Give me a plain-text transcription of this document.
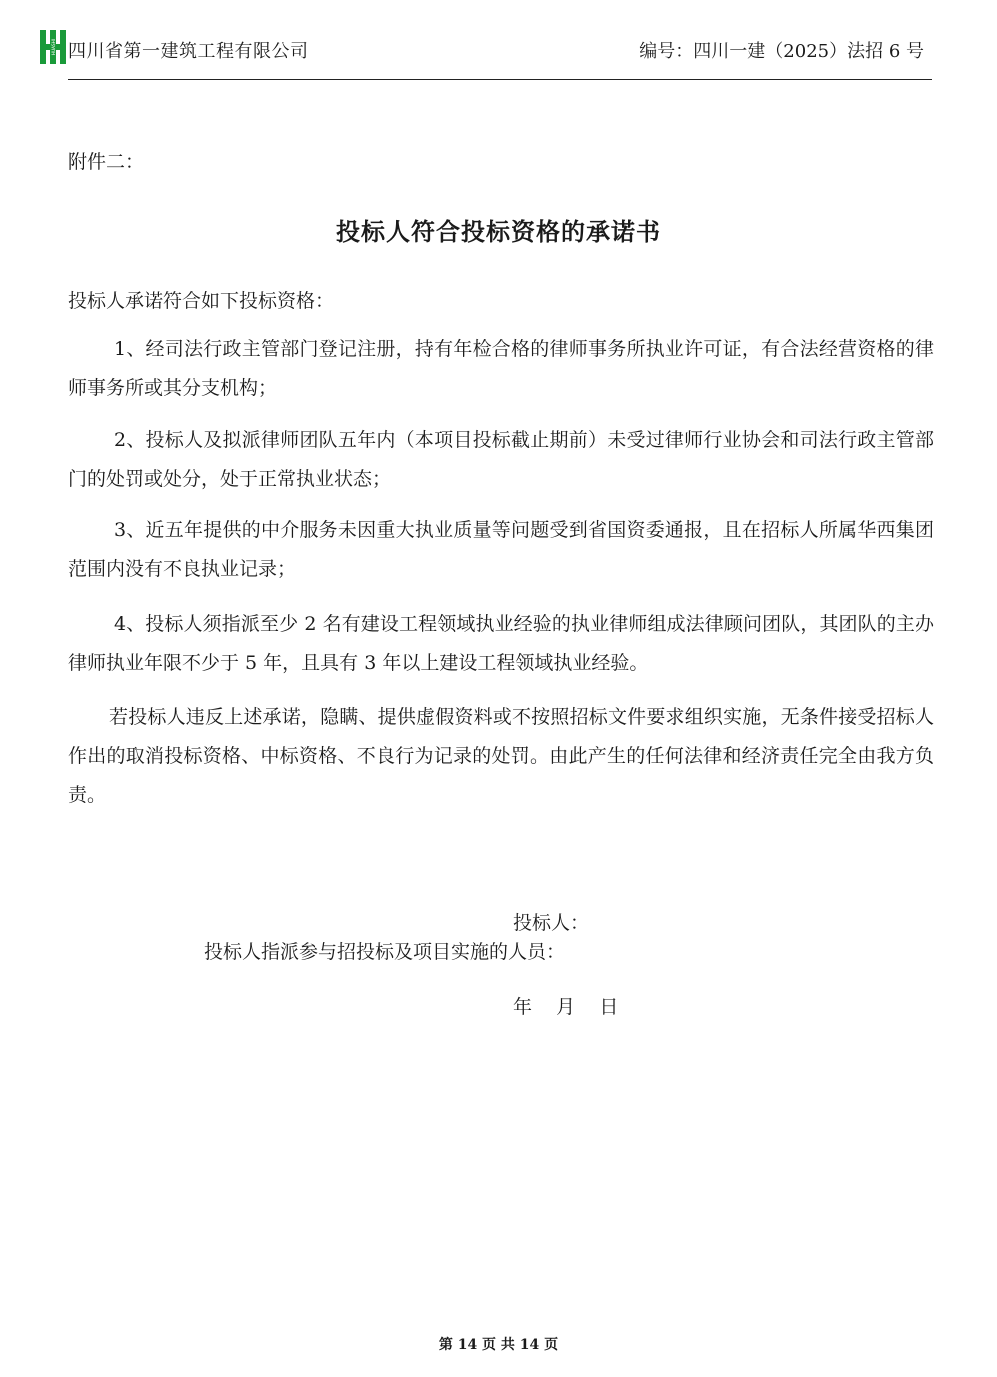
HUASHI 四川省第一建筑工程有限公司	编号：四川一建（2025）法招 6 号
附件二：
投标人符合投标资格的承诺书
投标人承诺符合如下投标资格：
1、经司法行政主管部门登记注册，持有年检合格的律师事务所执业许可证，有合法经营资格的律师事务所或其分支机构；
2、投标人及拟派律师团队五年内（本项目投标截止期前）未受过律师行业协会和司法行政主管部门的处罚或处分，处于正常执业状态；
3、近五年提供的中介服务未因重大执业质量等问题受到省国资委通报，且在招标人所属华西集团范围内没有不良执业记录；
4、投标人须指派至少 2 名有建设工程领域执业经验的执业律师组成法律顾问团队，其团队的主办律师执业年限不少于 5 年，且具有 3 年以上建设工程领域执业经验。
若投标人违反上述承诺，隐瞒、提供虚假资料或不按照招标文件要求组织实施，无条件接受招标人作出的取消投标资格、中标资格、不良行为记录的处罚。由此产生的任何法律和经济责任完全由我方负责。
投标人：
投标人指派参与招投标及项目实施的人员：
年    月    日
第 14 页 共 14 页
